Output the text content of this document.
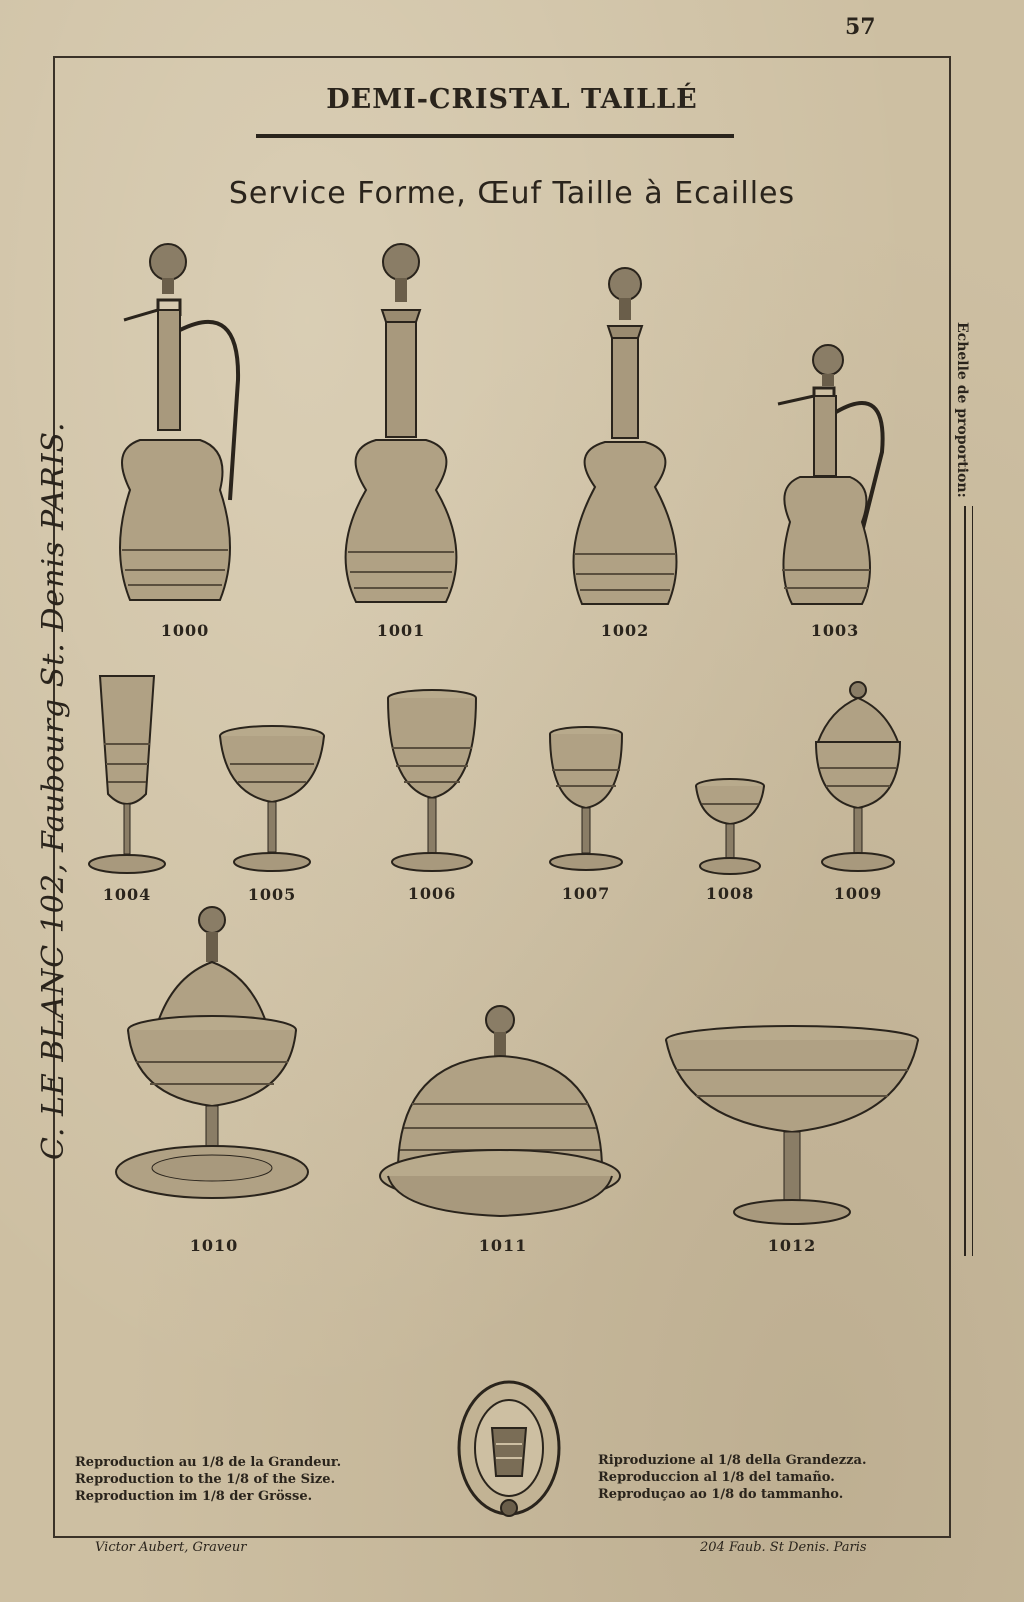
57
DEMI-CRISTAL TAILLÉ
Service Forme, Œuf Taille à Ecailles
C. LE BLANC 102, Faubourg St. Denis PARIS.
Echelle de proportion:
1000	1001	1002	1003
1004	1005	1006	1007	1008	1009
1010	1011	1012
Reproduction au 1/8 de la Grandeur.
Reproduction to the 1/8 of the Size.
Reproduction im 1/8 der Grösse.
Riproduzione al 1/8 della Grandezza.
Reproduccion al 1/8 del tamaño.
Reproduçao ao 1/8 do tammanho.
Victor Aubert, Graveur	204 Faub. St Denis. Paris
